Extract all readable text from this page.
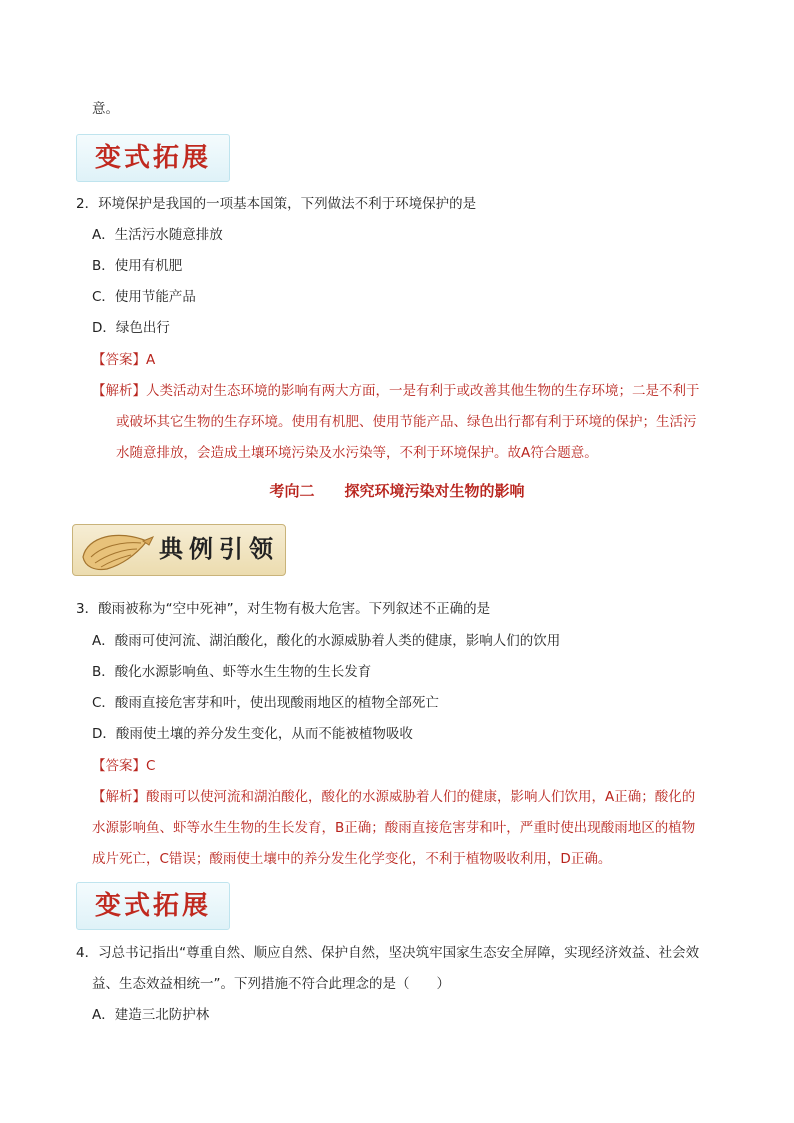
意。
变式拓展
2．环境保护是我国的一项基本国策，下列做法不利于环境保护的是
A．生活污水随意排放
B．使用有机肥
C．使用节能产品
D．绿色出行
【答案】A
【解析】人类活动对生态环境的影响有两大方面，一是有利于或改善其他生物的生存环境；二是不利于
或破坏其它生物的生存环境。使用有机肥、使用节能产品、绿色出行都有利于环境的保护；生活污
水随意排放，会造成土壤环境污染及水污染等，不利于环境保护。故A符合题意。
考向二 探究环境污染对生物的影响
典例引领
3．酸雨被称为“空中死神”，对生物有极大危害。下列叙述不正确的是
A．酸雨可使河流、湖泊酸化，酸化的水源威胁着人类的健康，影响人们的饮用
B．酸化水源影响鱼、虾等水生生物的生长发育
C．酸雨直接危害芽和叶，使出现酸雨地区的植物全部死亡
D．酸雨使土壤的养分发生变化，从而不能被植物吸收
【答案】C
【解析】酸雨可以使河流和湖泊酸化，酸化的水源威胁着人们的健康，影响人们饮用，A正确；酸化的
水源影响鱼、虾等水生生物的生长发育，B正确；酸雨直接危害芽和叶，严重时使出现酸雨地区的植物
成片死亡，C错误；酸雨使土壤中的养分发生化学变化，不利于植物吸收利用，D正确。
变式拓展
4．习总书记指出“尊重自然、顺应自然、保护自然，坚决筑牢国家生态安全屏障，实现经济效益、社会效
益、生态效益相统一”。下列措施不符合此理念的是（　　）
A．建造三北防护林
